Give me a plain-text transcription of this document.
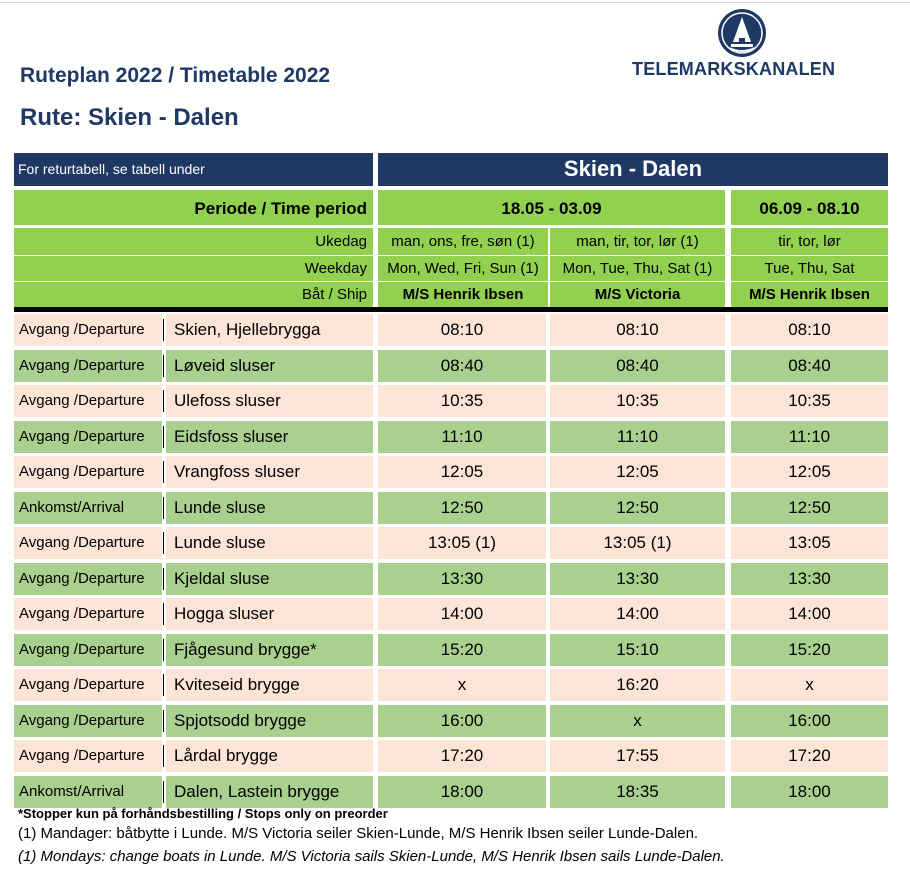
Ruteplan 2022 / Timetable 2022
Rute: Skien - Dalen
TELEMARKSKANALEN
For returtabell, se tabell under	Skien - Dalen
Periode / Time period	18.05 - 03.09	06.09 - 08.10
Ukedag	man, ons, fre, søn (1)	man, tir, tor, lør (1)	tir, tor, lør
Weekday	Mon, Wed, Fri, Sun (1)	Mon, Tue, Thu, Sat (1)	Tue, Thu, Sat
Båt / Ship	M/S Henrik Ibsen	M/S Victoria	M/S Henrik Ibsen
Avgang /Departure	Skien, Hjellebrygga	08:10	08:10	08:10
Avgang /Departure	Løveid sluser	08:40	08:40	08:40
Avgang /Departure	Ulefoss sluser	10:35	10:35	10:35
Avgang /Departure	Eidsfoss sluser	11:10	11:10	11:10
Avgang /Departure	Vrangfoss sluser	12:05	12:05	12:05
Ankomst/Arrival	Lunde sluse	12:50	12:50	12:50
Avgang /Departure	Lunde sluse	13:05 (1)	13:05 (1)	13:05
Avgang /Departure	Kjeldal sluse	13:30	13:30	13:30
Avgang /Departure	Hogga sluser	14:00	14:00	14:00
Avgang /Departure	Fjågesund brygge*	15:20	15:10	15:20
Avgang /Departure	Kviteseid brygge	x	16:20	x
Avgang /Departure	Spjotsodd brygge	16:00	x	16:00
Avgang /Departure	Lårdal brygge	17:20	17:55	17:20
Ankomst/Arrival	Dalen, Lastein brygge	18:00	18:35	18:00
*Stopper kun på forhåndsbestilling / Stops only on preorder
(1) Mandager: båtbytte i Lunde. M/S Victoria seiler Skien-Lunde, M/S Henrik Ibsen seiler Lunde-Dalen.
(1) Mondays: change boats in Lunde. M/S Victoria sails Skien-Lunde, M/S Henrik Ibsen sails Lunde-Dalen.
